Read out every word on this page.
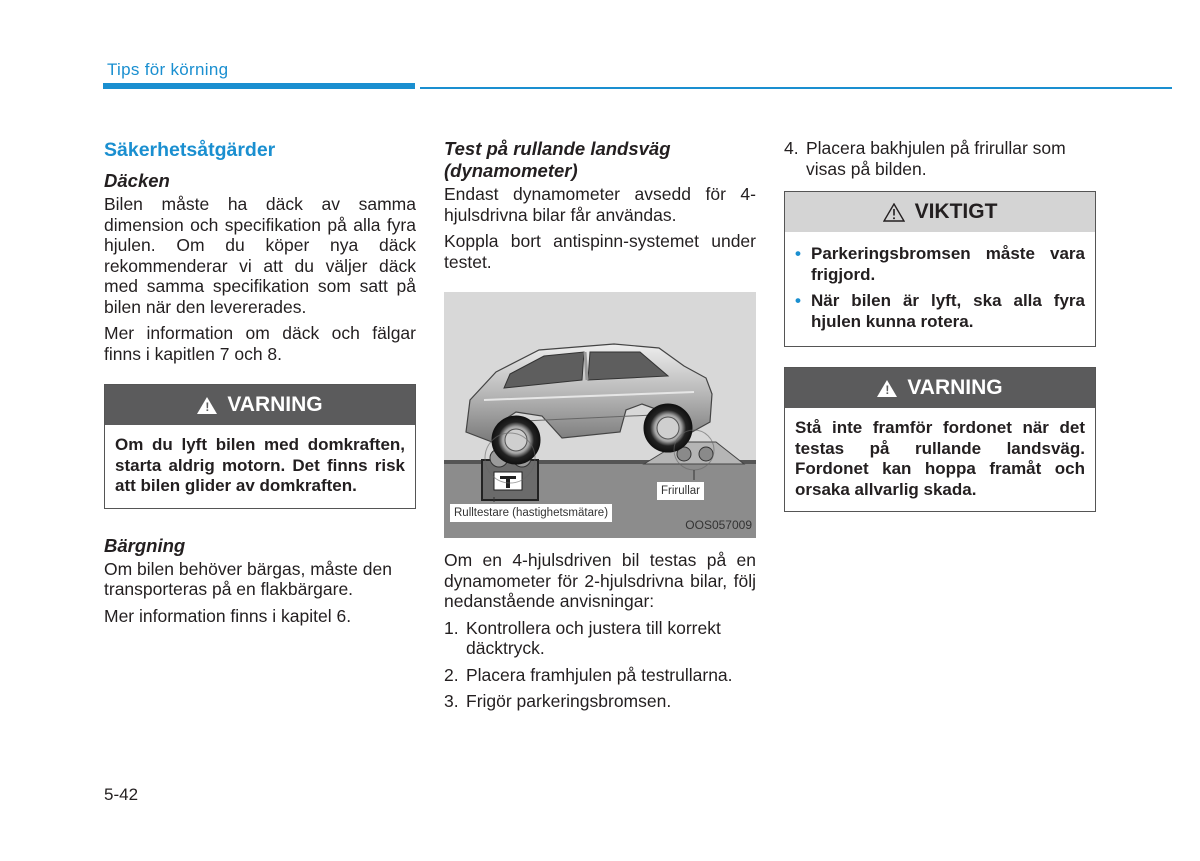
Tips för körning
Säkerhetsåtgärder
Däcken

Bilen måste ha däck av samma dimension och specifikation på alla fyra hjulen. Om du köper nya däck rekommenderar vi att du väljer däck med samma specifikation som satt på bilen när den levererades.

Mer information om däck och fälgar finns i kapitlen 7 och 8.

! VARNING
Om du lyft bilen med domkraften, starta aldrig motorn. Det finns risk att bilen glider av domkraften.
Bärgning

Om bilen behöver bärgas, måste den transporteras på en flakbärgare.

Mer information finns i kapitel 6.

Test på rullande landsväg (dynamometer)

Endast dynamometer avsedd för 4-hjulsdrivna bilar får användas.

Koppla bort antispinn-systemet under testet.

Frirullar
Rulltestare (hastighetsmätare)
OOS057009

Om en 4-hjulsdriven bil testas på en dynamometer för 2-hjulsdrivna bilar, följ nedanstående anvisningar:

1. Kontrollera och justera till korrekt däcktryck.
2. Placera framhjulen på testrullarna.
3. Frigör parkeringsbromsen.
4. Placera bakhjulen på frirullar som visas på bilden.
VIKTIGT
• Parkeringsbromsen måste vara frigjord.
• När bilen är lyft, ska alla fyra hjulen kunna rotera.
! VARNING
Stå inte framför fordonet när det testas på rullande landsväg. Fordonet kan hoppa framåt och orsaka allvarlig skada.
5-42
